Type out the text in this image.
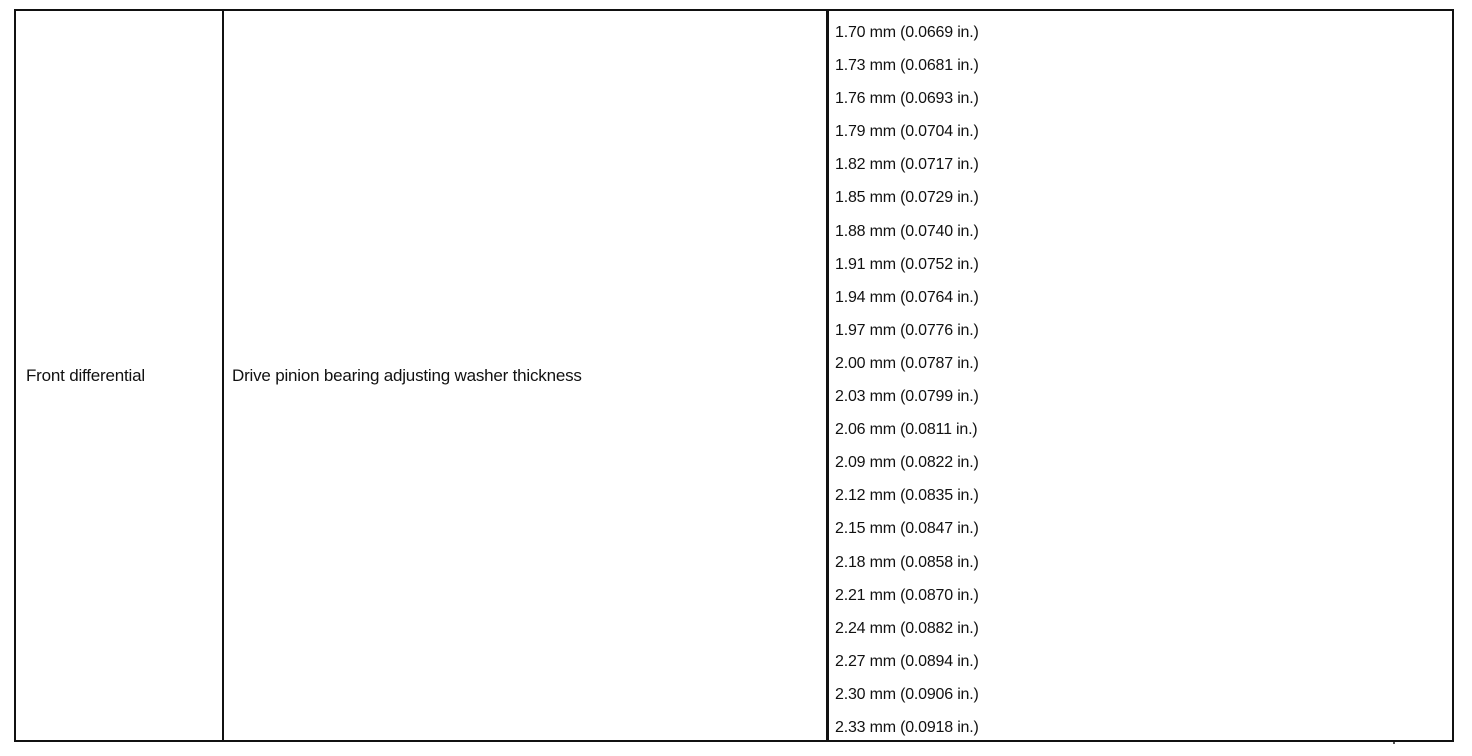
Front differential	Drive pinion bearing adjusting washer thickness
1.70 mm (0.0669 in.)
1.73 mm (0.0681 in.)
1.76 mm (0.0693 in.)
1.79 mm (0.0704 in.)
1.82 mm (0.0717 in.)
1.85 mm (0.0729 in.)
1.88 mm (0.0740 in.)
1.91 mm (0.0752 in.)
1.94 mm (0.0764 in.)
1.97 mm (0.0776 in.)
2.00 mm (0.0787 in.)
2.03 mm (0.0799 in.)
2.06 mm (0.0811 in.)
2.09 mm (0.0822 in.)
2.12 mm (0.0835 in.)
2.15 mm (0.0847 in.)
2.18 mm (0.0858 in.)
2.21 mm (0.0870 in.)
2.24 mm (0.0882 in.)
2.27 mm (0.0894 in.)
2.30 mm (0.0906 in.)
2.33 mm (0.0918 in.)
